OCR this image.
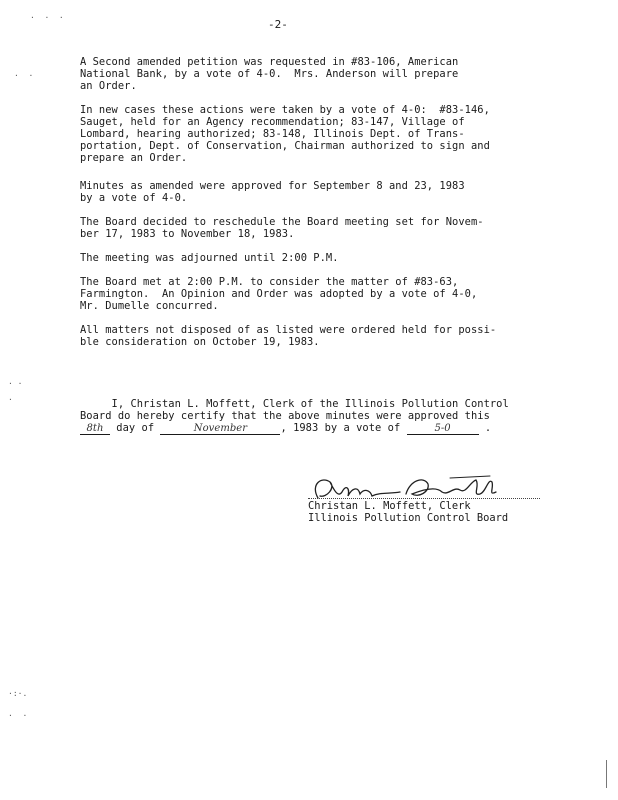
·  ·  ·
·  ·
· ·
·
·:·.
·  ·
-2-

A Second amended petition was requested in #83-106, American
National Bank, by a vote of 4-0.  Mrs. Anderson will prepare
an Order.

In new cases these actions were taken by a vote of 4-0:  #83-146,
Sauget, held for an Agency recommendation; 83-147, Village of
Lombard, hearing authorized; 83-148, Illinois Dept. of Trans-
portation, Dept. of Conservation, Chairman authorized to sign and
prepare an Order.

Minutes as amended were approved for September 8 and 23, 1983
by a vote of 4-0.

The Board decided to reschedule the Board meeting set for Novem-
ber 17, 1983 to November 18, 1983.

The meeting was adjourned until 2:00 P.M.

The Board met at 2:00 P.M. to consider the matter of #83-63,
Farmington.  An Opinion and Order was adopted by a vote of 4-0,
Mr. Dumelle concurred.

All matters not disposed of as listed were ordered held for possi-
ble consideration on October 19, 1983.

I, Christan L. Moffett, Clerk of the Illinois Pollution Control

Board do hereby certify that the above minutes were approved this

8th day of	November	, 1983 by a vote of	5-0	.

Christan L. Moffett, Clerk
Illinois Pollution Control Board
